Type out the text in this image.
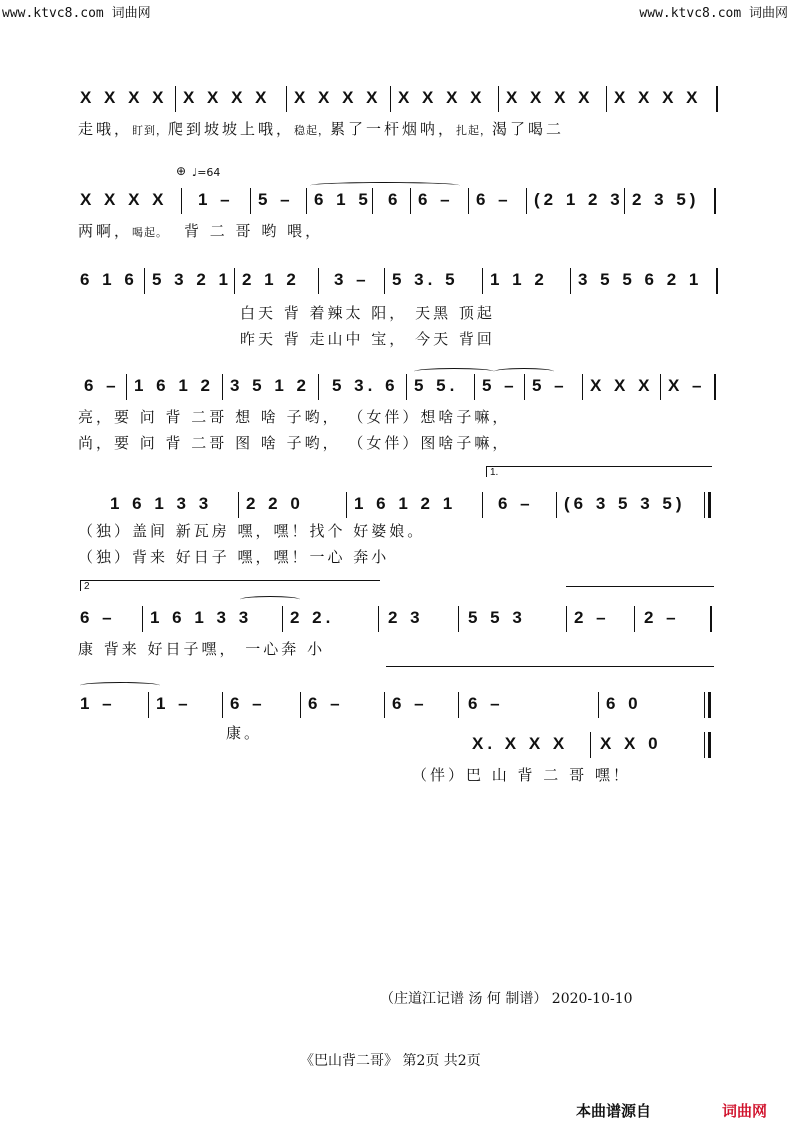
www.ktvc8.com 词曲网	www.ktvc8.com 词曲网
X X X X X X X X X X X X X X X X X X X X X X X X
走哦，盯到，爬到坡坡上哦，稳起，累了一杆烟呐，扎起，渴了喝二
⊕ ♩=64
X X X X 1 – 5 – 6 1 5 6 6 – 6 – (2 1 2 3 2 3 5)
两啊，喝起。 背 二 哥 哟 喂，
6 1 6 5 3 2 1 2 1 2 3 – 5 3. 5 1 1 2 3 5 5 6 2 1
白天 背 着辣太 阳， 天黑 顶起
昨天 背 走山中 宝， 今天 背回
6 – 1 6 1 2 3 5 1 2 5 3. 6 5 5. 5 – 5 – X X X X –
亮，要 问 背 二哥 想 啥 子哟， （女伴）想啥子嘛，
尚，要 问 背 二哥 图 啥 子哟， （女伴）图啥子嘛，
1.
1 6 1 3 3 2 2 0	1 6 1 2 1 6 – (6 3 5 3 5)
（独）盖间 新瓦房 嘿，嘿！找个 好婆娘。
（独）背来 好日子 嘿，嘿！一心 奔小
2
6 – 1 6 1 3 3 2 2.	2 3	5 5 3	2 – 2 –
康 背来 好日子嘿， 一心奔 小
1 – 1 – 6 – 6 –	6 – 6 –	6 0
康。
X. X X X X X 0
（伴）巴 山 背 二 哥 嘿！
（庄道江记谱 汤 何 制谱） 2020-10-10
《巴山背二哥》 第2页 共2页
本曲谱源自	词曲网
